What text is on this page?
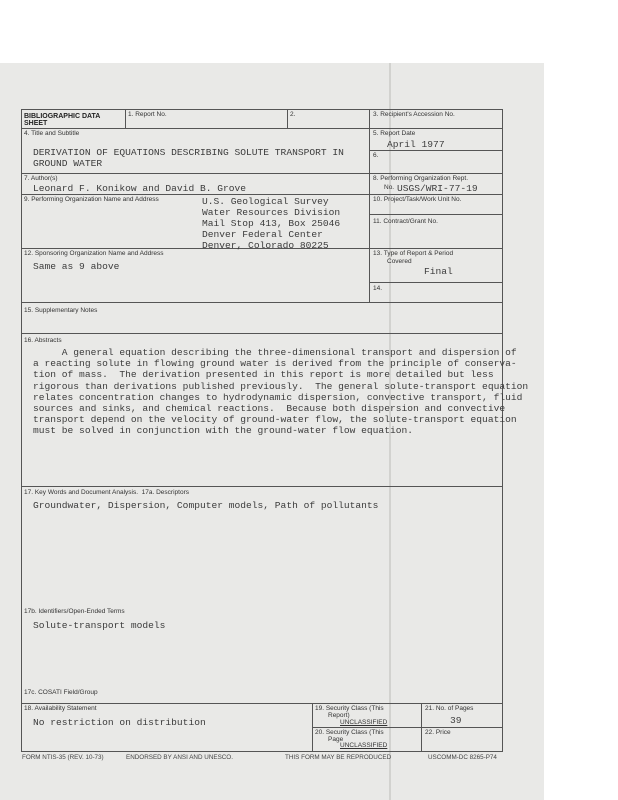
BIBLIOGRAPHIC DATA
SHEET
1. Report No.	2.	3. Recipient's Accession No.
4. Title and Subtitle
DERIVATION OF EQUATIONS DESCRIBING SOLUTE TRANSPORT IN
GROUND WATER
5. Report Date
April 1977
6.
7. Author(s)
Leonard F. Konikow and David B. Grove
8. Performing Organization Rept.
No. USGS/WRI-77-19
9. Performing Organization Name and Address	U.S. Geological Survey
Water Resources Division
Mail Stop 413, Box 25046
Denver Federal Center
Denver, Colorado 80225
10. Project/Task/Work Unit No.
11. Contract/Grant No.
12. Sponsoring Organization Name and Address
Same as 9 above
13. Type of Report & Period
Covered
Final
14.
15. Supplementary Notes
16. Abstracts
A general equation describing the three-dimensional transport and dispersion of
a reacting solute in flowing ground water is derived from the principle of conserva-
tion of mass.  The derivation presented in this report is more detailed but less
rigorous than derivations published previously.  The general solute-transport equation
relates concentration changes to hydrodynamic dispersion, convective transport, fluid
sources and sinks, and chemical reactions.  Because both dispersion and convective
transport depend on the velocity of ground-water flow, the solute-transport equation
must be solved in conjunction with the ground-water flow equation.
17. Key Words and Document Analysis.  17a. Descriptors
Groundwater, Dispersion, Computer models, Path of pollutants
17b. Identifiers/Open-Ended Terms
Solute-transport models
17c. COSATI Field/Group
18. Availability Statement
No restriction on distribution
19. Security Class (This
Report)
UNCLASSIFIED
21. No. of Pages
39
20. Security Class (This
Page
UNCLASSIFIED
22. Price
FORM NTIS-35 (REV. 10-73)	ENDORSED BY ANSI AND UNESCO.	THIS FORM MAY BE REPRODUCED	USCOMM-DC 8265-P74
